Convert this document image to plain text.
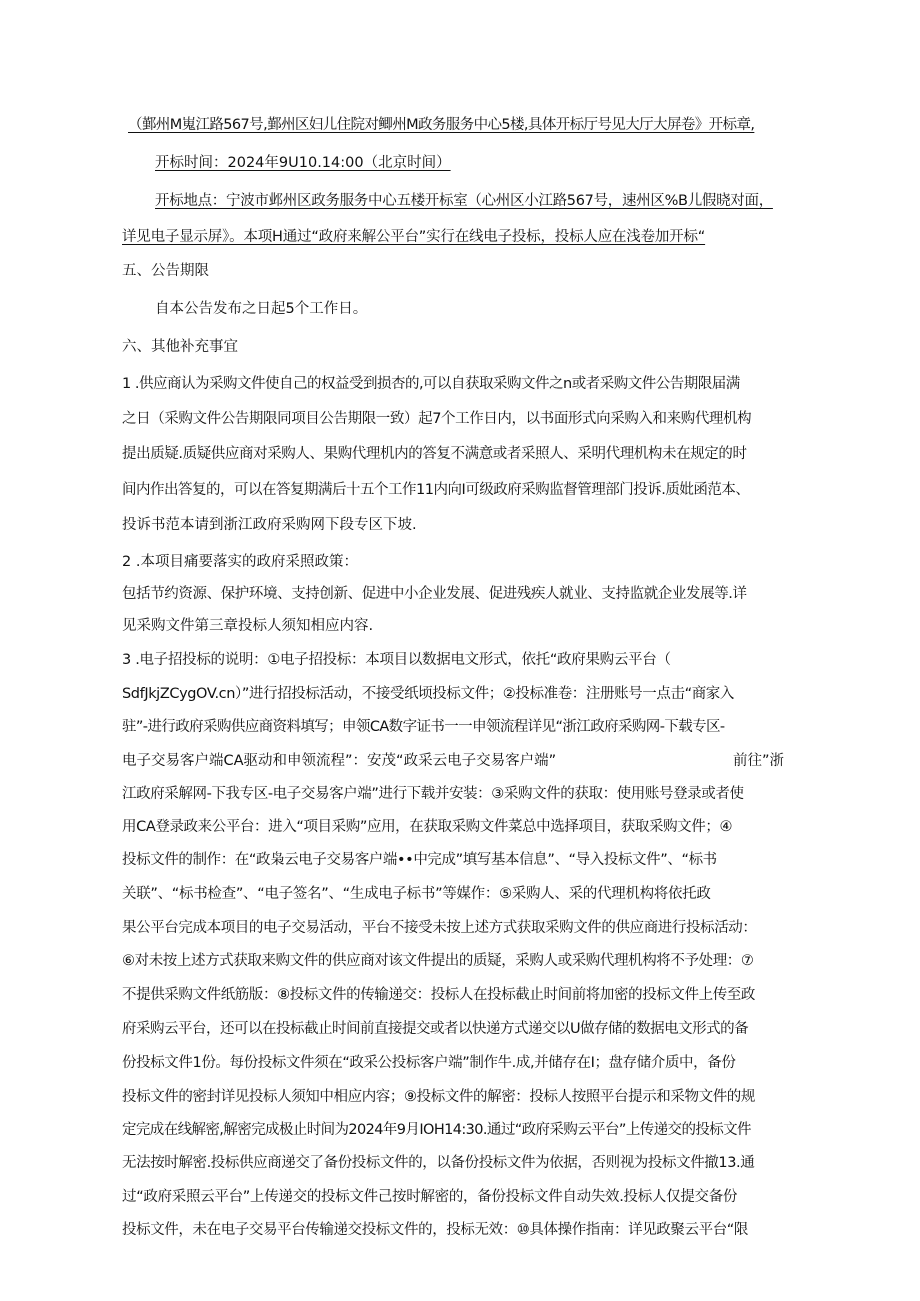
（鄞州M嵬江路567号,鄞州区妇儿住院对鲫州M政务服务中心5楼,具体开标厅号见大厅大屏卷》开标章,
开标时间：2024年9U10.14:00（北京时间）
开标地点：宁波市邺州区政务服务中心五楼开标室（心州区小江路567号，速州区%B儿假晓对面，
详见电子显示屏》。本项H通过“政府来解公平台”实行在线电子投标，投标人应在浅卷加开标“
五、公告期限
自本公告发布之日起5个工作日。
六、其他补充事宜
1 .供应商认为采购文件使自己的权益受到损杏的,可以自获取采购文件之n或者采购文件公告期限届满
之日（采购文件公告期限同项目公告期限一致）起7个工作日内，以书面形式向采购入和来购代理机构
提出质疑.质疑供应商对采购人、果购代理机内的答复不满意或者采照人、采明代理机构未在规定的时
间内作出答复的，可以在答复期满后十五个工作11内向I可级政府采购监督管理部门投诉.质妣函范本、
投诉书范本请到浙江政府采购网下段专区下坡.
2 .本项目痛要落实的政府采照政策：
包括节约资源、保护环境、支持创新、促进中小企业发展、促进残疾人就业、支持监就企业发展等.详
见采购文件第三章投标人须知相应内容.
3 .电子招投标的说明：①电子招投标：本项目以数据电文形式，依托“政府果购云平台（
SdfJkjZCygOV.cn）”进行招投标活动，不接受纸顷投标文件；②投标准卷：注册账号一点击“商家入
驻”-进行政府采购供应商资料填写；申领CA数字证书一一申领流程详见“浙江政府采购网-下载专区-
电子交易客户端CA驱动和申领流程”：安茂“政采云电子交易客户端”	前往”浙
江政府采解网-下我专区-电子交易客户端”进行下载并安装：③采购文件的获取：使用账号登录或者使
用CA登录政来公平台：进入“项目采购”应用，在获取采购文件菜总中选择项目，获取采购文件；④
投标文件的制作：在“政枭云电子交易客户端••中完成”填写基本信息”、“导入投标文件”、“标书
关联”、“标书检查”、“电子签名”、“生成电子标书”等媒作：⑤采购人、采的代理机构将依托政
果公平台完成本项目的电子交易活动，平台不接受未按上述方式获取采购文件的供应商进行投标活动：
⑥对未按上述方式获取来购文件的供应商对该文件提出的质疑，采购人或采购代理机构将不予处理：⑦
不提供采购文件纸筋版：⑧投标文件的传输递交：投标人在投标截止时间前将加密的投标文件上传至政
府采购云平台，还可以在投标截止时间前直接提交或者以快递方式递交以U做存储的数据电文形式的备
份投标文件1份。每份投标文件须在“政采公投标客户端”制作牛.成,并储存在I；盘存储介质中，备份
投标文件的密封详见投标人须知中相应内容；⑨投标文件的解密：投标人按照平台提示和采物文件的规
定完成在线解密,解密完成极止时间为2024年9月IOH14:30.通过“政府采购云平台”上传递交的投标文件
无法按时解密.投标供应商递交了备份投标文件的，以备份投标文件为依据，否则视为投标文件撤13.通
过“政府采照云平台”上传递交的投标文件己按时解密的，备份投标文件自动失效.投标人仅提交备份
投标文件，未在电子交易平台传输递交投标文件的，投标无效：⑩具体操作指南：详见政聚云平台“限
